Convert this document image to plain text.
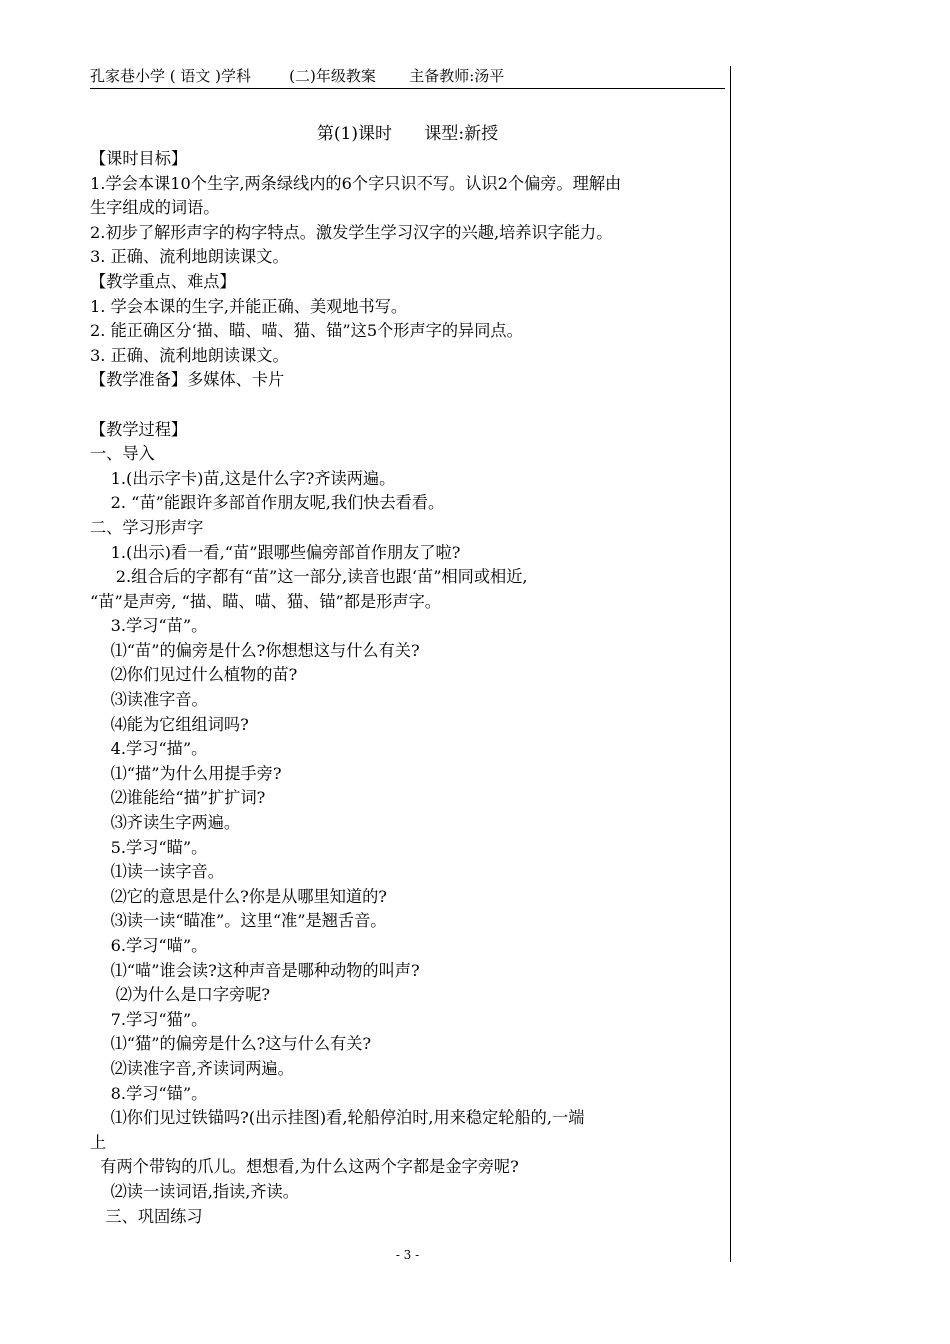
孔家巷小学 ( 语文 )学科        (二)年级教案       主备教师:汤平
第(1)课时      课型:新授
【课时目标】
1.学会本课10个生字,两条绿线内的6个字只识不写。认识2个偏旁。理解由
生字组成的词语。
2.初步了解形声字的构字特点。激发学生学习汉字的兴趣,培养识字能力。
3. 正确、流利地朗读课文。
【教学重点、难点】
1. 学会本课的生字,并能正确、美观地书写。
2. 能正确区分‘描、瞄、喵、猫、锚”这5个形声字的异同点。
3. 正确、流利地朗读课文。
【教学准备】多媒体、卡片
【教学过程】
一、导入
1.(出示字卡)苗,这是什么字?齐读两遍。
2. “苗”能跟许多部首作朋友呢,我们快去看看。
二、学习形声字
1.(出示)看一看,“苗”跟哪些偏旁部首作朋友了啦?
2.组合后的字都有“苗”这一部分,读音也跟‘苗”相同或相近,
“苗”是声旁, “描、瞄、喵、猫、锚”都是形声字。
3.学习“苗”。
⑴“苗”的偏旁是什么?你想想这与什么有关?
⑵你们见过什么植物的苗?
⑶读准字音。
⑷能为它组组词吗?
4.学习“描”。
⑴“描”为什么用提手旁?
⑵谁能给“描”扩扩词?
⑶齐读生字两遍。
5.学习“瞄”。
⑴读一读字音。
⑵它的意思是什么?你是从哪里知道的?
⑶读一读“瞄准”。这里“准”是翘舌音。
6.学习“喵”。
⑴“喵”谁会读?这种声音是哪种动物的叫声?
⑵为什么是口字旁呢?
7.学习“猫”。
⑴“猫”的偏旁是什么?这与什么有关?
⑵读准字音,齐读词两遍。
8.学习“锚”。
⑴你们见过铁锚吗?(出示挂图)看,轮船停泊时,用来稳定轮船的,一端
上
有两个带钩的爪儿。想想看,为什么这两个字都是金字旁呢?
⑵读一读词语,指读,齐读。
三、巩固练习
- 3 -
